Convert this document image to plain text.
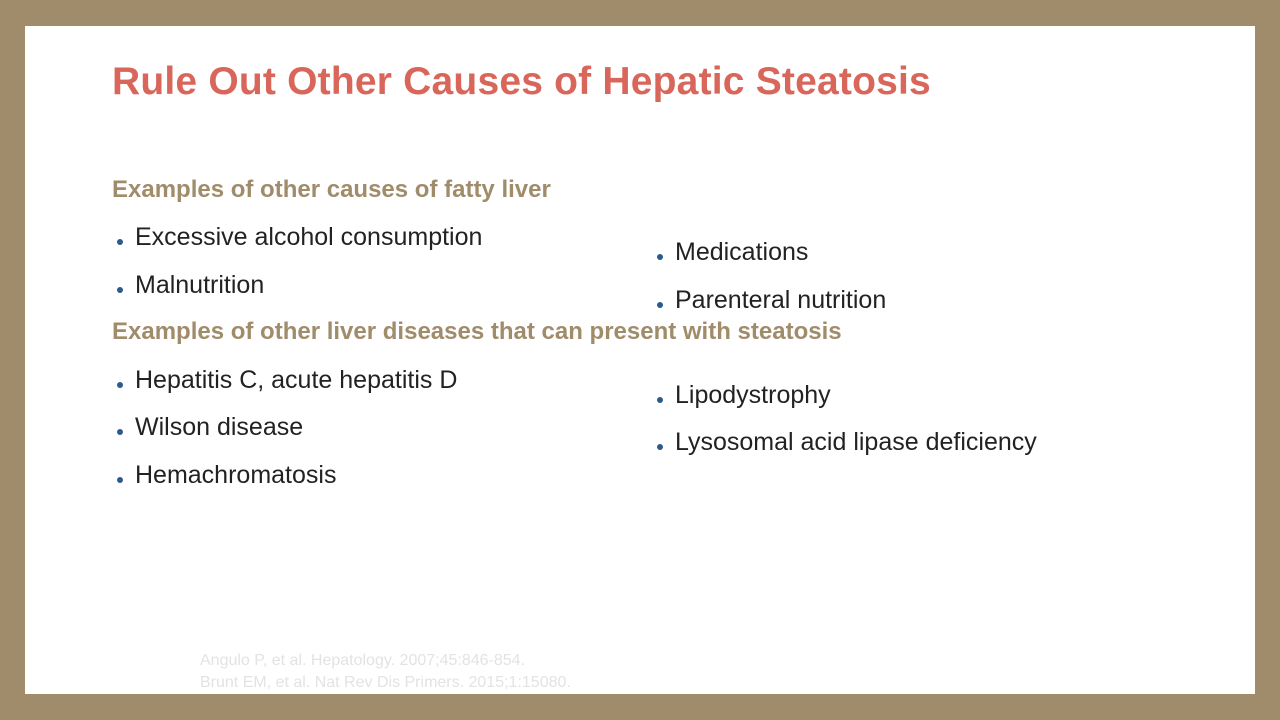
Rule Out Other Causes of Hepatic Steatosis
Examples of other causes of fatty liver
Excessive alcohol consumption
Malnutrition
Medications
Parenteral nutrition
Examples of other liver diseases that can present with steatosis
Hepatitis C, acute hepatitis D
Wilson disease
Hemachromatosis
Lipodystrophy
Lysosomal acid lipase deficiency
Angulo P, et al. Hepatology. 2007;45:846-854.
Brunt EM, et al. Nat Rev Dis Primers. 2015;1:15080.
